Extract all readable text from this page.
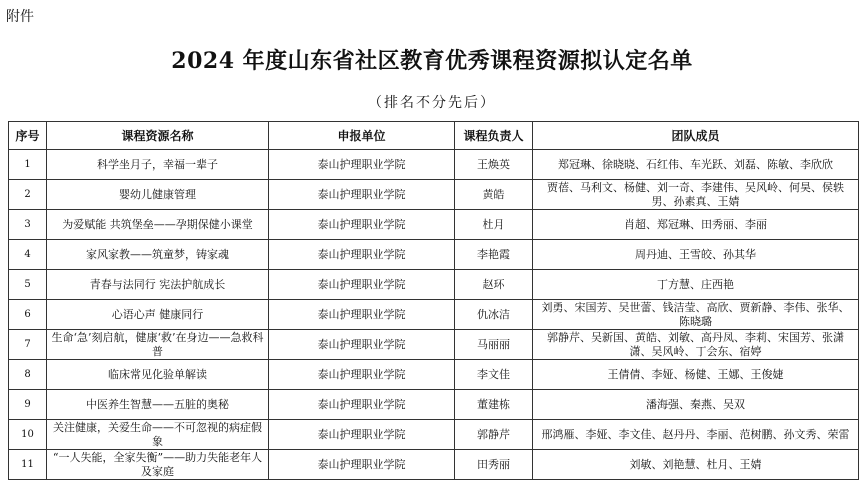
附件
2024 年度山东省社区教育优秀课程资源拟认定名单
（排名不分先后）
序号	课程资源名称	申报单位	课程负责人	团队成员
1	科学坐月子，幸福一辈子	泰山护理职业学院	王焕英	郑冠琳、徐晓晓、石红伟、车光跃、刘磊、陈敏、李欣欣
2	婴幼儿健康管理	泰山护理职业学院	黄皓	贾蓓、马利文、杨健、刘一奇、李建伟、吴风岭、何昊、侯轶男、孙素真、王婧
3	为爱赋能 共筑堡垒——孕期保健小课堂	泰山护理职业学院	杜月	肖超、郑冠琳、田秀丽、李丽
4	家风家教——筑童梦，铸家魂	泰山护理职业学院	李艳霞	周丹迪、王雪皎、孙其华
5	青春与法同行 宪法护航成长	泰山护理职业学院	赵环	丁方慧、庄西艳
6	心语心声 健康同行	泰山护理职业学院	仇冰洁	刘勇、宋国芳、吴世蕾、钱洁莹、高欣、贾新静、李伟、张华、陈晓璐
7	生命‘急’刻启航，健康‘救’在身边——急救科普	泰山护理职业学院	马丽丽	郭静芹、吴新国、黄皓、刘敏、高丹凤、李莉、宋国芳、张潇潇、吴风岭、丁会东、宿婷
8	临床常见化验单解读	泰山护理职业学院	李文佳	王倩倩、李娅、杨健、王娜、王俊婕
9	中医养生智慧——五脏的奥秘	泰山护理职业学院	董建栋	潘海强、秦燕、吴双
10	关注健康，关爱生命——不可忽视的病症假象	泰山护理职业学院	郭静芹	邢鸿雁、李娅、李文佳、赵丹丹、李丽、范树鹏、孙文秀、荣雷
11	“一人失能，全家失衡”——助力失能老年人及家庭	泰山护理职业学院	田秀丽	刘敏、刘艳慧、杜月、王婧
